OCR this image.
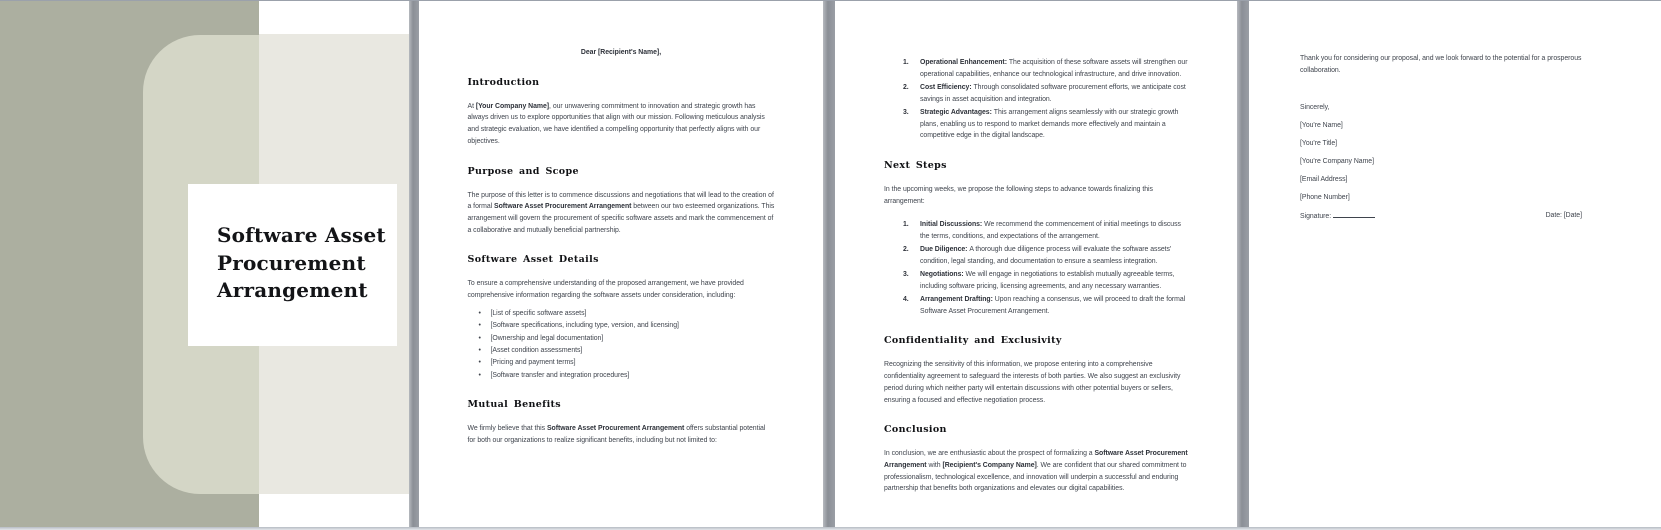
Software Asset
Procurement
Arrangement
Dear [Recipient's Name],
Introduction
At [Your Company Name], our unwavering commitment to innovation and strategic growth has always driven us to explore opportunities that align with our mission. Following meticulous analysis and strategic evaluation, we have identified a compelling opportunity that perfectly aligns with our objectives.
Purpose and Scope
The purpose of this letter is to commence discussions and negotiations that will lead to the creation of a formal Software Asset Procurement Arrangement between our two esteemed organizations. This arrangement will govern the procurement of specific software assets and mark the commencement of a collaborative and mutually beneficial partnership.
Software Asset Details
To ensure a comprehensive understanding of the proposed arrangement, we have provided comprehensive information regarding the software assets under consideration, including:
• [List of specific software assets]
• [Software specifications, including type, version, and licensing]
• [Ownership and legal documentation]
• [Asset condition assessments]
• [Pricing and payment terms]
• [Software transfer and integration procedures]
Mutual Benefits
We firmly believe that this Software Asset Procurement Arrangement offers substantial potential for both our organizations to realize significant benefits, including but not limited to:
1. Operational Enhancement: The acquisition of these software assets will strengthen our operational capabilities, enhance our technological infrastructure, and drive innovation.
2. Cost Efficiency: Through consolidated software procurement efforts, we anticipate cost savings in asset acquisition and integration.
3. Strategic Advantages: This arrangement aligns seamlessly with our strategic growth plans, enabling us to respond to market demands more effectively and maintain a competitive edge in the digital landscape.
Next Steps
In the upcoming weeks, we propose the following steps to advance towards finalizing this arrangement:
1. Initial Discussions: We recommend the commencement of initial meetings to discuss the terms, conditions, and expectations of the arrangement.
2. Due Diligence: A thorough due diligence process will evaluate the software assets' condition, legal standing, and documentation to ensure a seamless integration.
3. Negotiations: We will engage in negotiations to establish mutually agreeable terms, including software pricing, licensing agreements, and any necessary warranties.
4. Arrangement Drafting: Upon reaching a consensus, we will proceed to draft the formal Software Asset Procurement Arrangement.
Confidentiality and Exclusivity
Recognizing the sensitivity of this information, we propose entering into a comprehensive confidentiality agreement to safeguard the interests of both parties. We also suggest an exclusivity period during which neither party will entertain discussions with other potential buyers or sellers, ensuring a focused and effective negotiation process.
Conclusion
In conclusion, we are enthusiastic about the prospect of formalizing a Software Asset Procurement Arrangement with [Recipient's Company Name]. We are confident that our shared commitment to professionalism, technological excellence, and innovation will underpin a successful and enduring partnership that benefits both organizations and elevates our digital capabilities.
Thank you for considering our proposal, and we look forward to the potential for a prosperous collaboration.
Sincerely,
[You're Name]
[You're Title]
[You're Company Name]
[Email Address]
[Phone Number]
Signature:	Date: [Date]
